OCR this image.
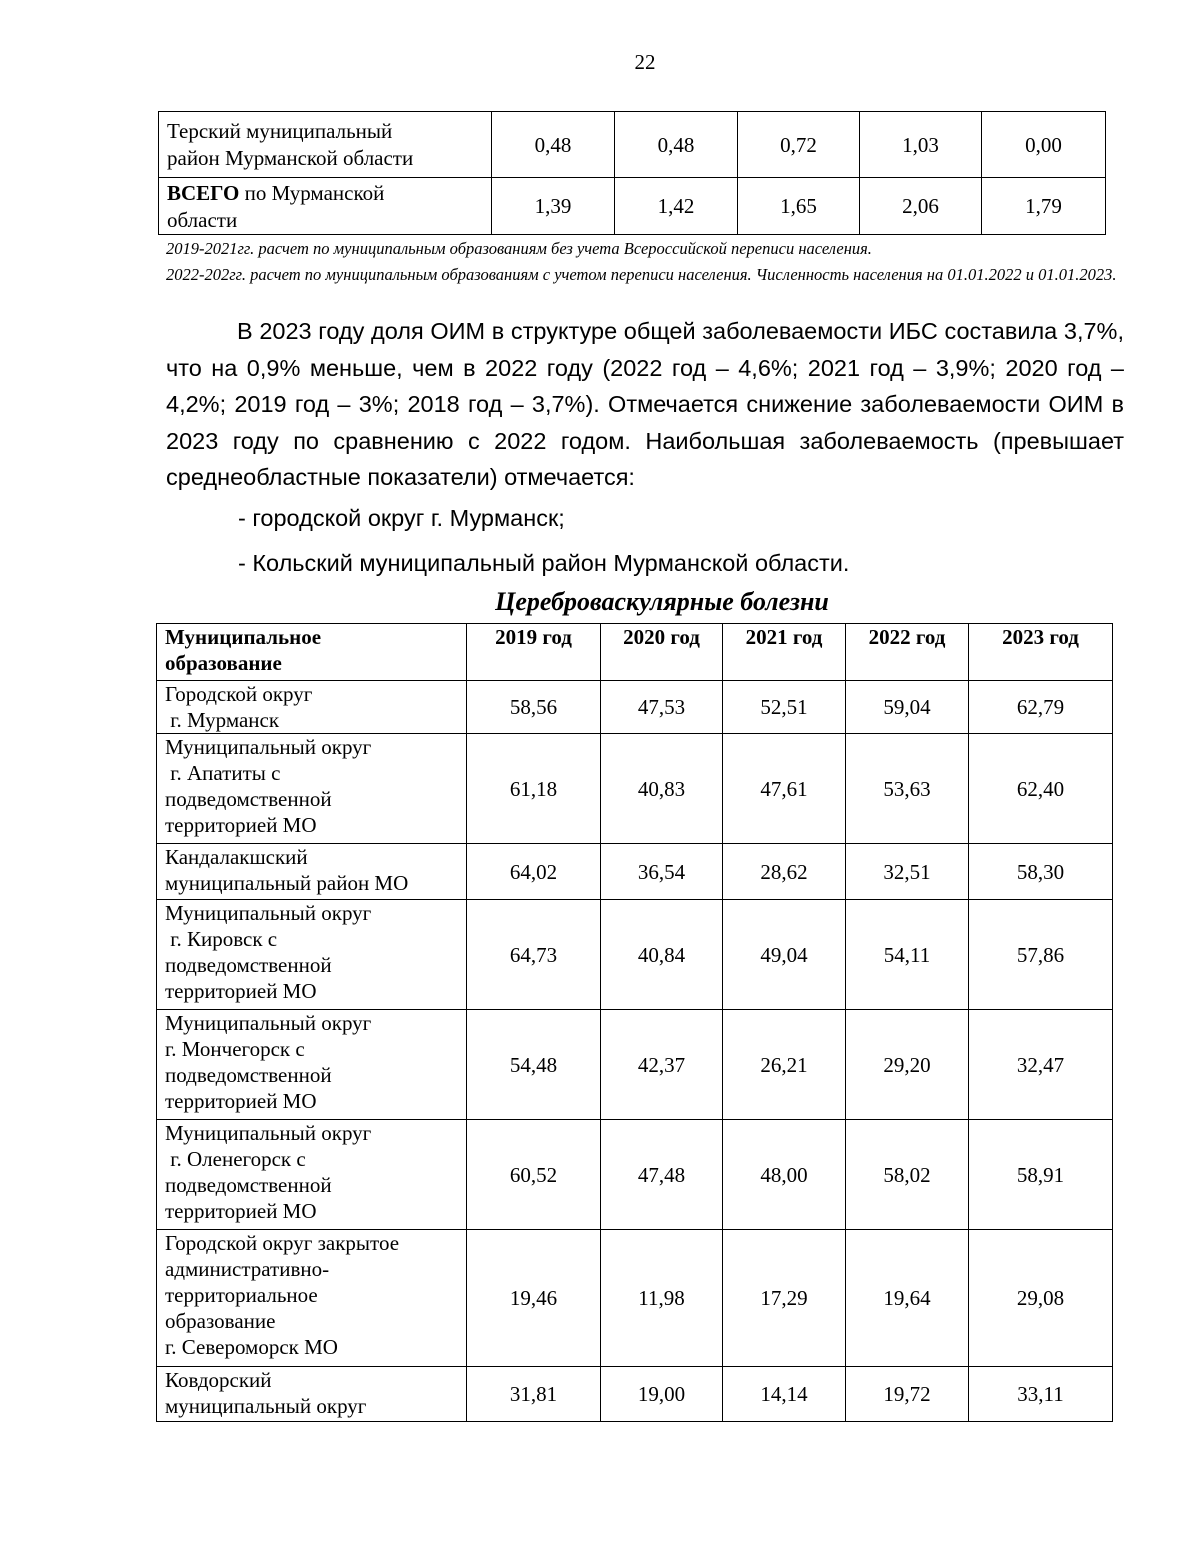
22
Терский муниципальный
район Мурманской области	0,48	0,48	0,72	1,03	0,00
ВСЕГО по Мурманской
области	1,39	1,42	1,65	2,06	1,79

2019-2021гг. расчет по муниципальным образованиям без учета Всероссийской переписи населения.

2022-202гг. расчет по муниципальным образованиям с учетом переписи населения. Численность населения на 01.01.2022 и 01.01.2023.

В 2023 году доля ОИМ в структуре общей заболеваемости ИБС составила 3,7%, что на 0,9% меньше, чем в 2022 году (2022 год – 4,6%; 2021 год – 3,9%; 2020 год – 4,2%; 2019 год – 3%; 2018 год – 3,7%). Отмечается снижение заболеваемости ОИМ в 2023 году по сравнению с 2022 годом. Наибольшая заболеваемость (превышает среднеобластные показатели) отмечается:

- городской округ г. Мурманск;

- Кольский муниципальный район Мурманской области.

Цереброваскулярные болезни
Муниципальное
образование	2019 год	2020 год	2021 год	2022 год	2023 год
Городской округ
г. Мурманск	58,56	47,53	52,51	59,04	62,79
Муниципальный округ
г. Апатиты с
подведомственной
территорией МО	61,18	40,83	47,61	53,63	62,40
Кандалакшский
муниципальный район МО	64,02	36,54	28,62	32,51	58,30
Муниципальный округ
г. Кировск с
подведомственной
территорией МО	64,73	40,84	49,04	54,11	57,86
Муниципальный округ
г. Мончегорск с
подведомственной
территорией МО	54,48	42,37	26,21	29,20	32,47
Муниципальный округ
г. Оленегорск с
подведомственной
территорией МО	60,52	47,48	48,00	58,02	58,91
Городской округ закрытое
административно-
территориальное
образование
г. Североморск МО	19,46	11,98	17,29	19,64	29,08
Ковдорский
муниципальный округ	31,81	19,00	14,14	19,72	33,11
